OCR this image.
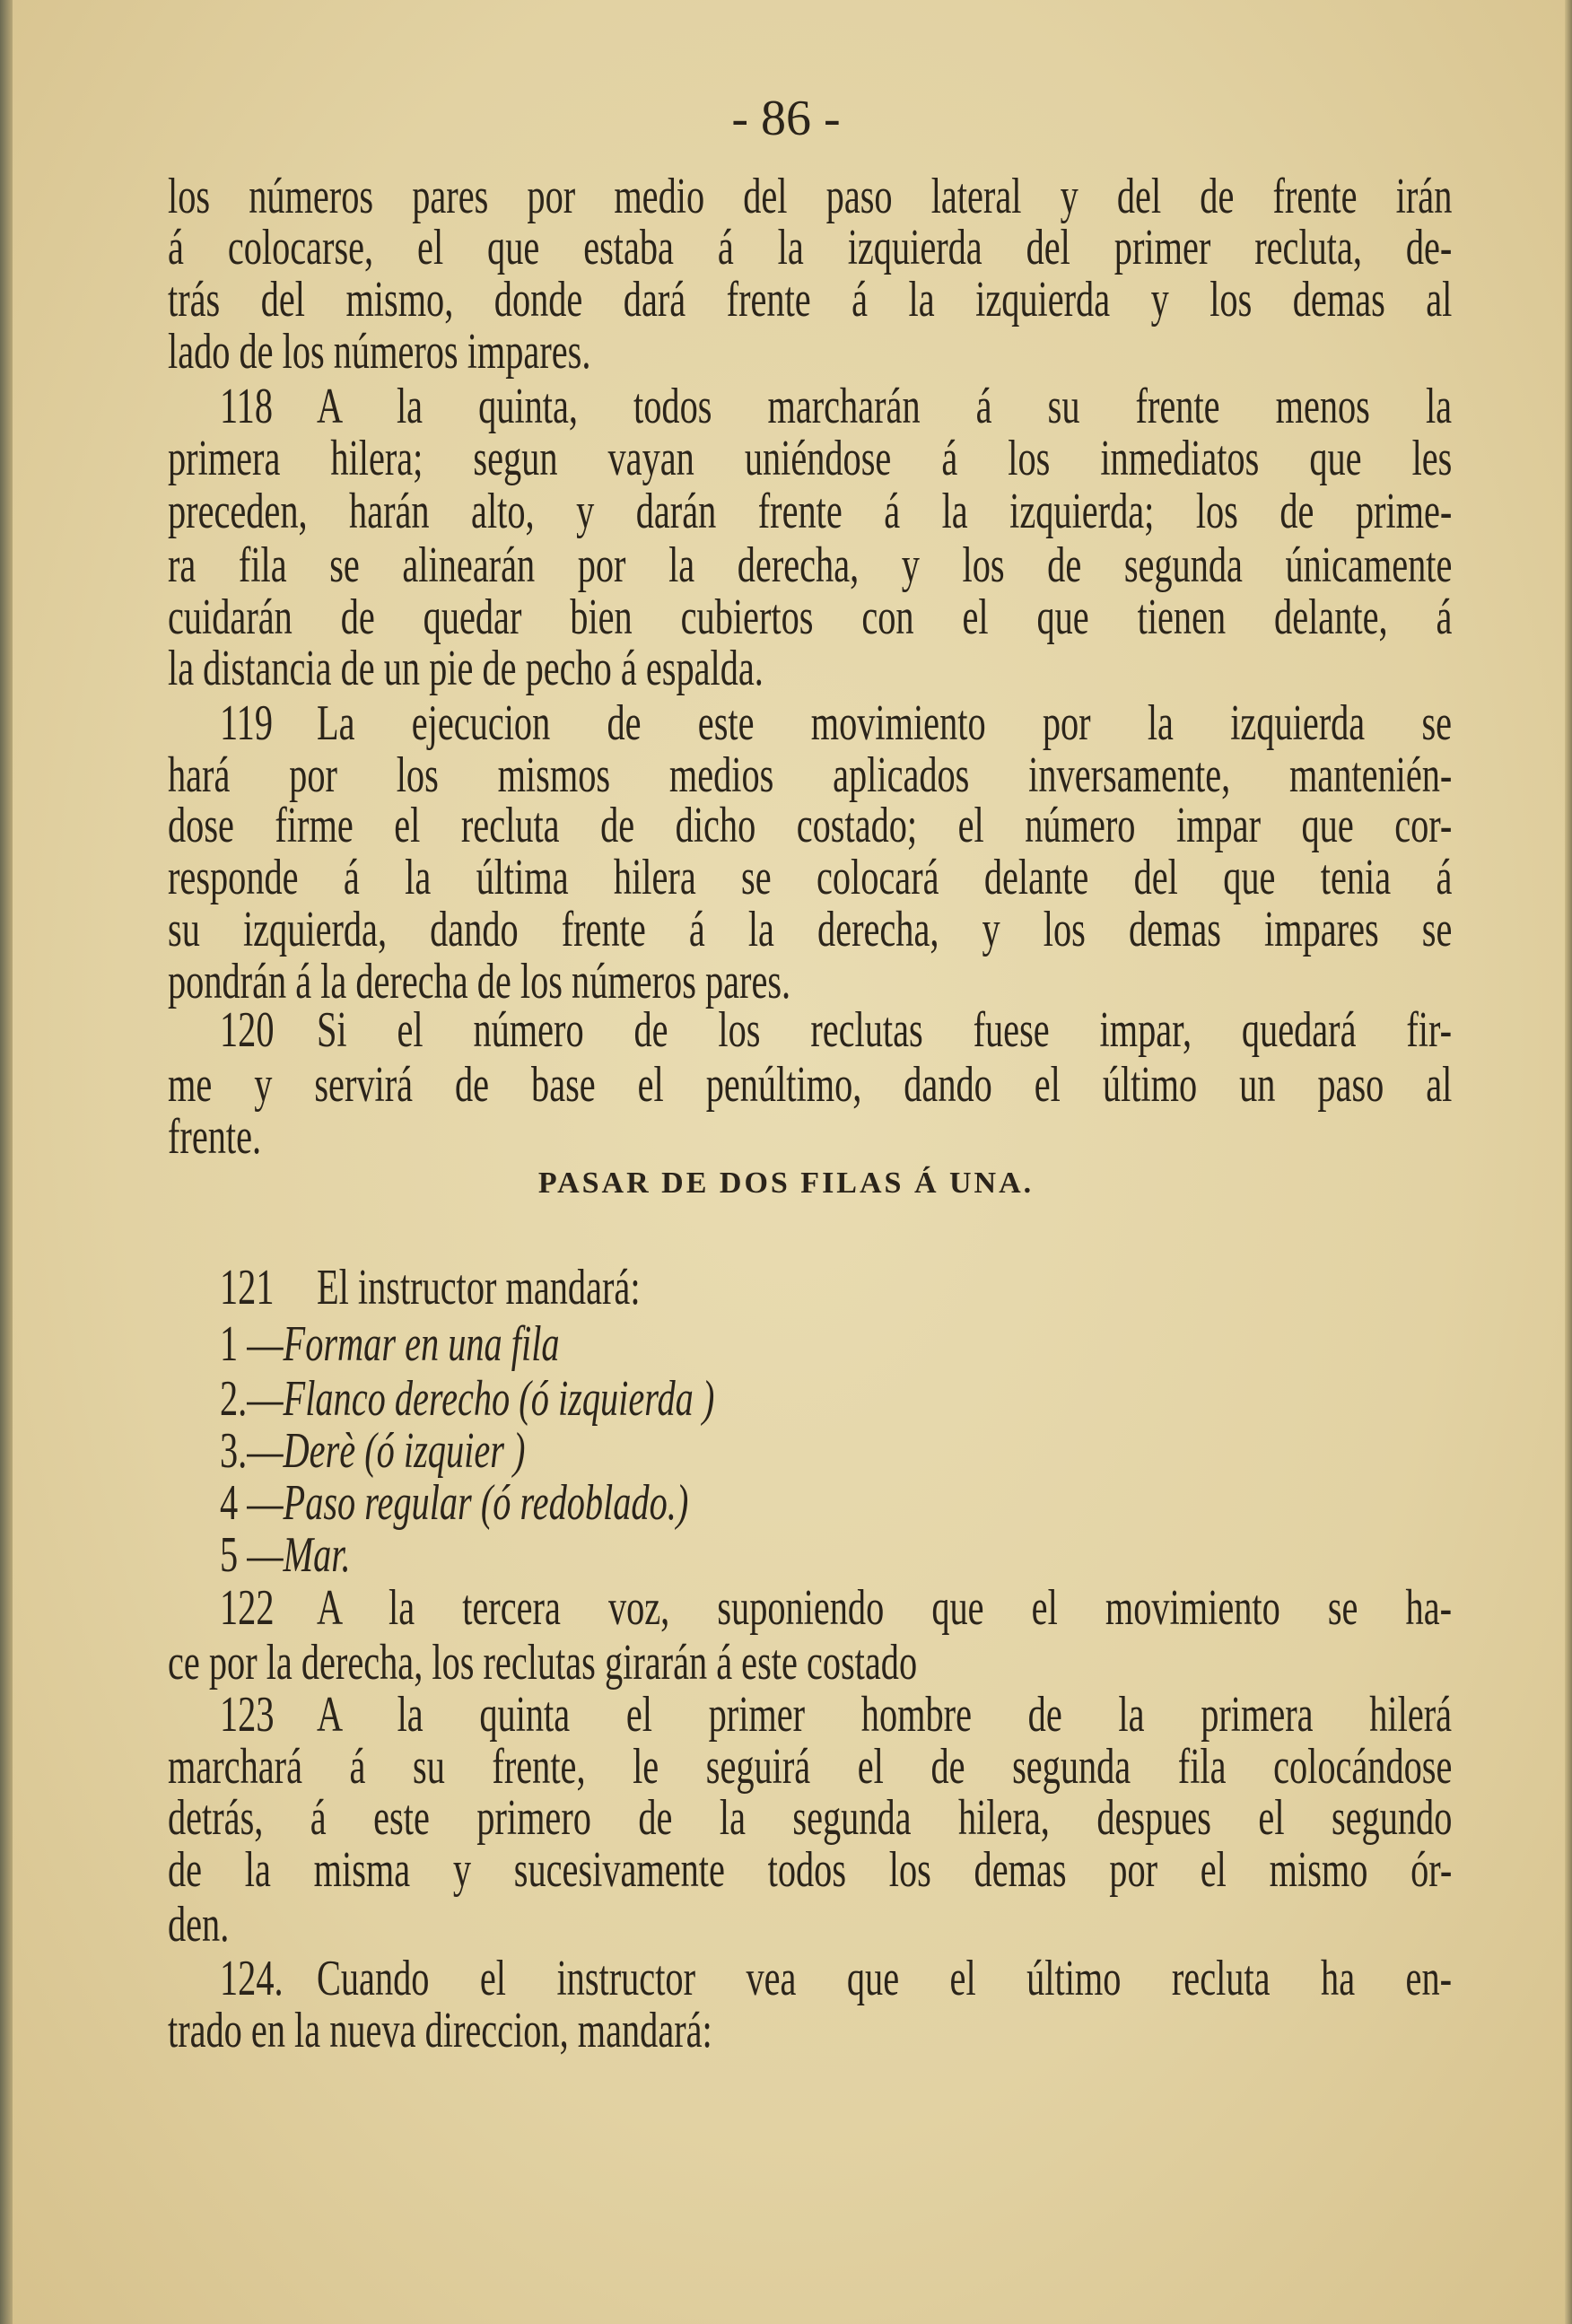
- 86 -
PASAR DE DOS FILAS Á UNA.
los números pares por medio del paso lateral y del de frente irán
á colocarse, el que estaba á la izquierda del primer recluta, de-
trás del mismo, donde dará frente á la izquierda y los demas al
lado de los números impares.
118 A la quinta, todos marcharán á su frente menos la
primera hilera; segun vayan uniéndose á los inmediatos que les
preceden, harán alto, y darán frente á la izquierda; los de prime-
ra fila se alinearán por la derecha, y los de segunda únicamente
cuidarán de quedar bien cubiertos con el que tienen delante, á
la distancia de un pie de pecho á espalda.
119 La ejecucion de este movimiento por la izquierda se
hará por los mismos medios aplicados inversamente, mantenién-
dose firme el recluta de dicho costado; el número impar que cor-
responde á la última hilera se colocará delante del que tenia á
su izquierda, dando frente á la derecha, y los demas impares se
pondrán á la derecha de los números pares.
120 Si el número de los reclutas fuese impar, quedará fir-
me y servirá de base el penúltimo, dando el último un paso al
frente.
121 El instructor mandará:
1 —Formar en una fila
2.—Flanco derecho (ó izquierda )
3.—Derè (ó izquier )
4 —Paso regular (ó redoblado.)
5 —Mar.
122 A la tercera voz, suponiendo que el movimiento se ha-
ce por la derecha, los reclutas girarán á este costado
123 A la quinta el primer hombre de la primera hilerá
marchará á su frente, le seguirá el de segunda fila colocándose
detrás, á este primero de la segunda hilera, despues el segundo
de la misma y sucesivamente todos los demas por el mismo ór-
den.
124. Cuando el instructor vea que el último recluta ha en-
trado en la nueva direccion, mandará:
